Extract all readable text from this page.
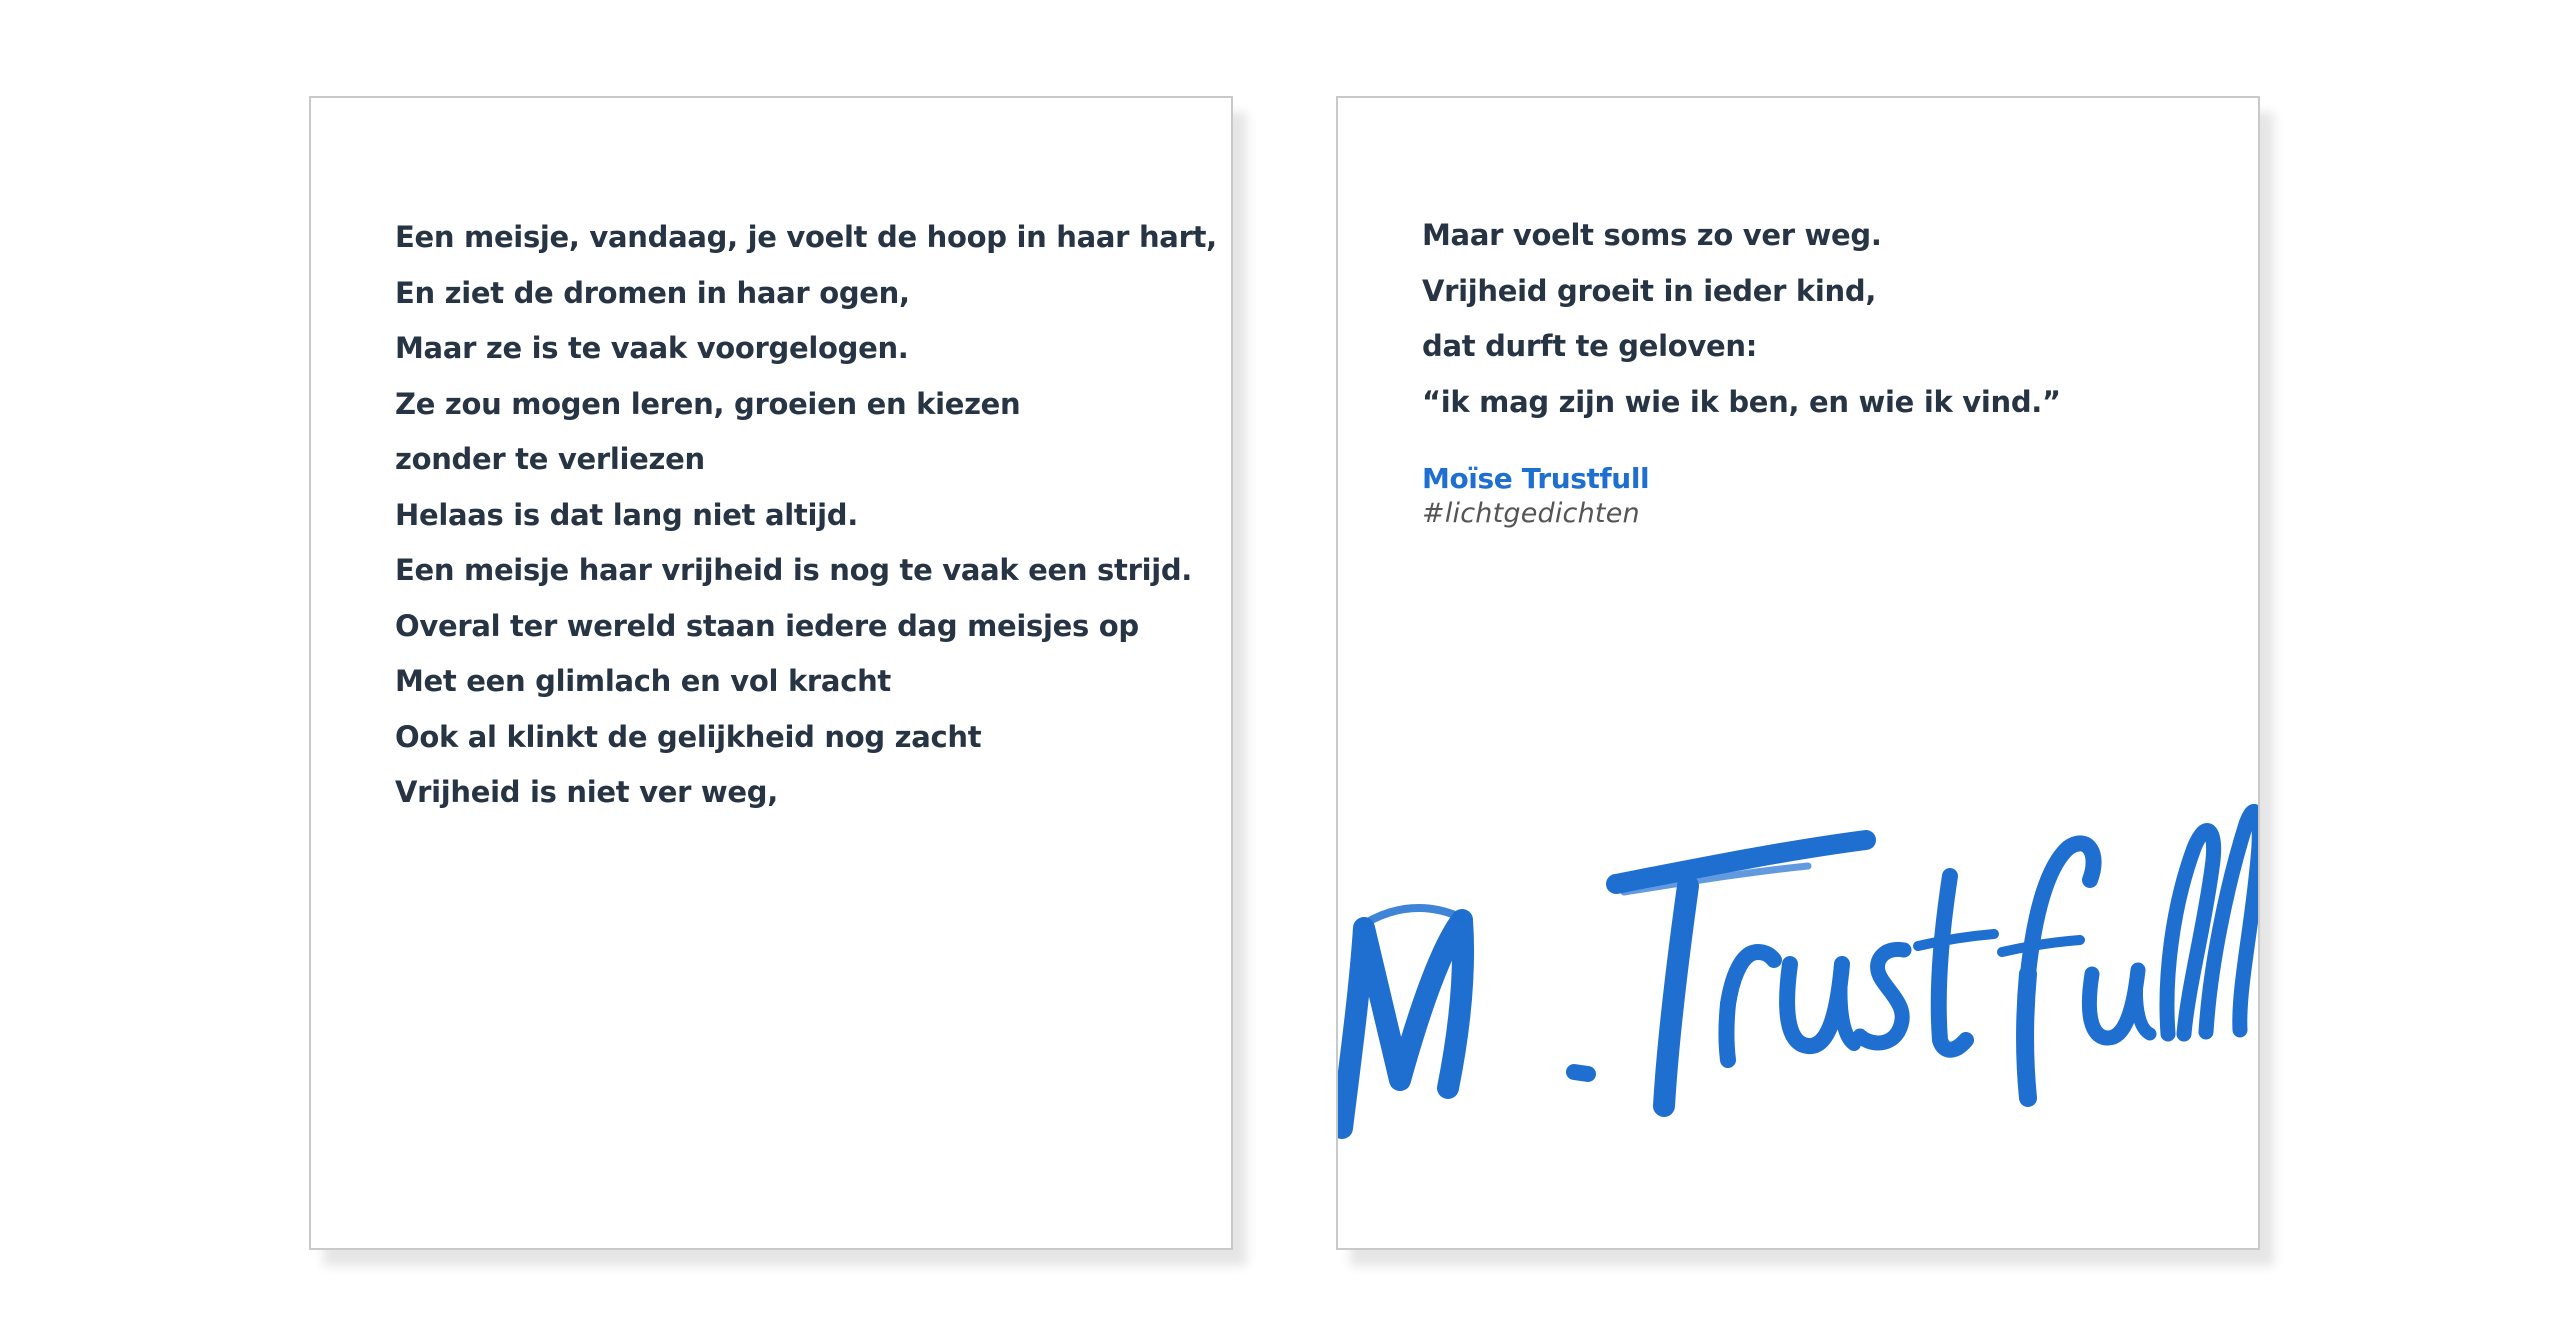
Een meisje, vandaag, je voelt de hoop in haar hart,
En ziet de dromen in haar ogen,
Maar ze is te vaak voorgelogen.
Ze zou mogen leren, groeien en kiezen
zonder te verliezen
Helaas is dat lang niet altijd.
Een meisje haar vrijheid is nog te vaak een strijd.
Overal ter wereld staan iedere dag meisjes op
Met een glimlach en vol kracht
Ook al klinkt de gelijkheid nog zacht
Vrijheid is niet ver weg,
Maar voelt soms zo ver weg.
Vrijheid groeit in ieder kind,
dat durft te geloven:
“ik mag zijn wie ik ben, en wie ik vind.”
Moïse Trustfull
#lichtgedichten
